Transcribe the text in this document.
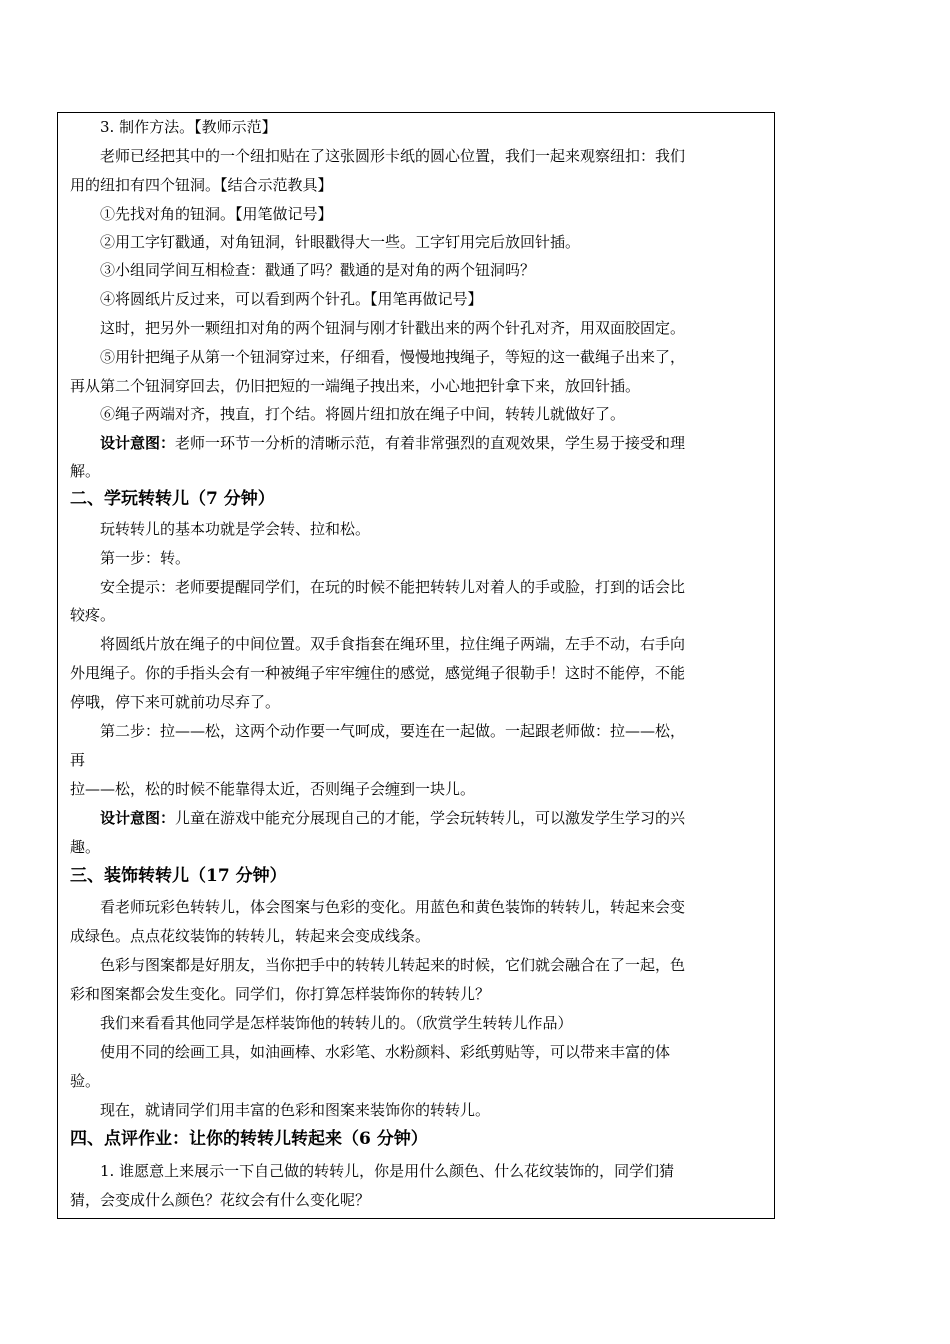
3. 制作方法。【教师示范】
老师已经把其中的一个纽扣贴在了这张圆形卡纸的圆心位置，我们一起来观察纽扣：我们
用的纽扣有四个钮洞。【结合示范教具】
①先找对角的钮洞。【用笔做记号】
②用工字钉戳通，对角钮洞，针眼戳得大一些。工字钉用完后放回针插。
③小组同学间互相检查：戳通了吗？戳通的是对角的两个钮洞吗？
④将圆纸片反过来，可以看到两个针孔。【用笔再做记号】
这时，把另外一颗纽扣对角的两个钮洞与刚才针戳出来的两个针孔对齐，用双面胶固定。
⑤用针把绳子从第一个钮洞穿过来，仔细看，慢慢地拽绳子，等短的这一截绳子出来了，
再从第二个钮洞穿回去，仍旧把短的一端绳子拽出来，小心地把针拿下来，放回针插。
⑥绳子两端对齐，拽直，打个结。将圆片纽扣放在绳子中间，转转儿就做好了。
设计意图：老师一环节一分析的清晰示范，有着非常强烈的直观效果，学生易于接受和理
解。
二、学玩转转儿（7 分钟）
玩转转儿的基本功就是学会转、拉和松。
第一步：转。
安全提示：老师要提醒同学们，在玩的时候不能把转转儿对着人的手或脸，打到的话会比
较疼。
将圆纸片放在绳子的中间位置。双手食指套在绳环里，拉住绳子两端，左手不动，右手向
外甩绳子。你的手指头会有一种被绳子牢牢缠住的感觉，感觉绳子很勒手！这时不能停，不能
停哦，停下来可就前功尽弃了。
第二步：拉——松，这两个动作要一气呵成，要连在一起做。一起跟老师做：拉——松，
再
拉——松，松的时候不能靠得太近，否则绳子会缠到一块儿。
设计意图：儿童在游戏中能充分展现自己的才能，学会玩转转儿，可以激发学生学习的兴
趣。
三、装饰转转儿（17 分钟）
看老师玩彩色转转儿，体会图案与色彩的变化。用蓝色和黄色装饰的转转儿，转起来会变
成绿色。点点花纹装饰的转转儿，转起来会变成线条。
色彩与图案都是好朋友，当你把手中的转转儿转起来的时候，它们就会融合在了一起，色
彩和图案都会发生变化。同学们，你打算怎样装饰你的转转儿？
我们来看看其他同学是怎样装饰他的转转儿的。（欣赏学生转转儿作品）
使用不同的绘画工具，如油画棒、水彩笔、水粉颜料、彩纸剪贴等，可以带来丰富的体
验。
现在，就请同学们用丰富的色彩和图案来装饰你的转转儿。
四、点评作业：让你的转转儿转起来（6 分钟）
1. 谁愿意上来展示一下自己做的转转儿，你是用什么颜色、什么花纹装饰的，同学们猜
猜，会变成什么颜色？花纹会有什么变化呢？
